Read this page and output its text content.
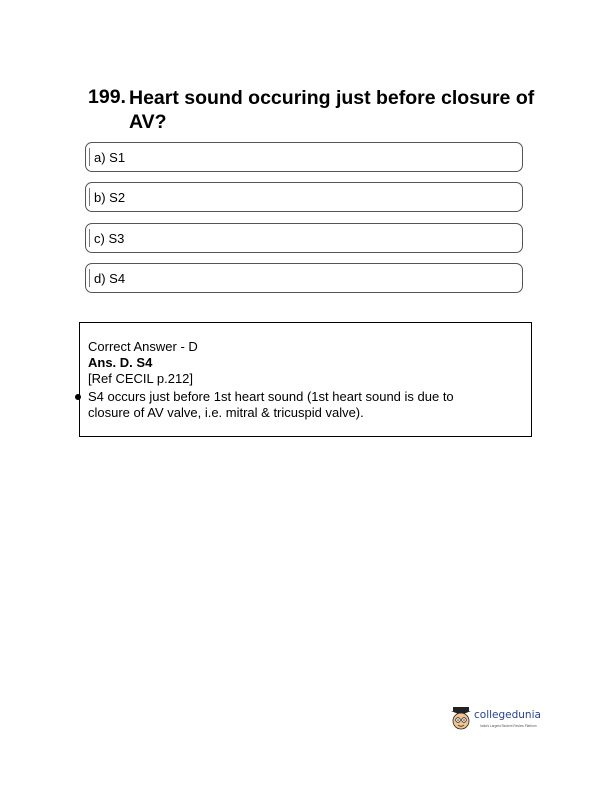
199. Heart sound occuring just before closure of AV?
a) S1
b) S2
c) S3
d) S4
Correct Answer - D
Ans. D. S4
[Ref CECIL p.212]
S4 occurs just before 1st heart sound (1st heart sound is due to
closure of AV valve, i.e. mitral & tricuspid valve).
collegedunia
India's Largest Student Review Platform
